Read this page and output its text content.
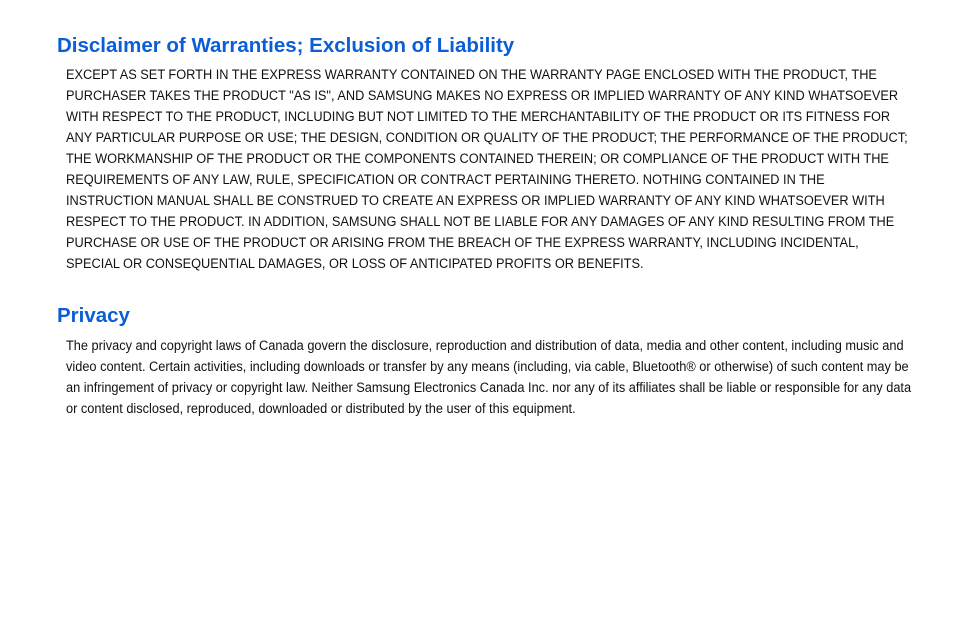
Disclaimer of Warranties; Exclusion of Liability

EXCEPT AS SET FORTH IN THE EXPRESS WARRANTY CONTAINED ON THE WARRANTY PAGE ENCLOSED WITH THE PRODUCT, THE PURCHASER TAKES THE PRODUCT "AS IS", AND SAMSUNG MAKES NO EXPRESS OR IMPLIED WARRANTY OF ANY KIND WHATSOEVER WITH RESPECT TO THE PRODUCT, INCLUDING BUT NOT LIMITED TO THE MERCHANTABILITY OF THE PRODUCT OR ITS FITNESS FOR ANY PARTICULAR PURPOSE OR USE; THE DESIGN, CONDITION OR QUALITY OF THE PRODUCT; THE PERFORMANCE OF THE PRODUCT; THE WORKMANSHIP OF THE PRODUCT OR THE COMPONENTS CONTAINED THEREIN; OR COMPLIANCE OF THE PRODUCT WITH THE REQUIREMENTS OF ANY LAW, RULE, SPECIFICATION OR CONTRACT PERTAINING THERETO. NOTHING CONTAINED IN THE INSTRUCTION MANUAL SHALL BE CONSTRUED TO CREATE AN EXPRESS OR IMPLIED WARRANTY OF ANY KIND WHATSOEVER WITH RESPECT TO THE PRODUCT. IN ADDITION, SAMSUNG SHALL NOT BE LIABLE FOR ANY DAMAGES OF ANY KIND RESULTING FROM THE PURCHASE OR USE OF THE PRODUCT OR ARISING FROM THE BREACH OF THE EXPRESS WARRANTY, INCLUDING INCIDENTAL, SPECIAL OR CONSEQUENTIAL DAMAGES, OR LOSS OF ANTICIPATED PROFITS OR BENEFITS.

Privacy

The privacy and copyright laws of Canada govern the disclosure, reproduction and distribution of data, media and other content, including music and video content. Certain activities, including downloads or transfer by any means (including, via cable, Bluetooth® or otherwise) of such content may be an infringement of privacy or copyright law. Neither Samsung Electronics Canada Inc. nor any of its affiliates shall be liable or responsible for any data or content disclosed, reproduced, downloaded or distributed by the user of this equipment.
